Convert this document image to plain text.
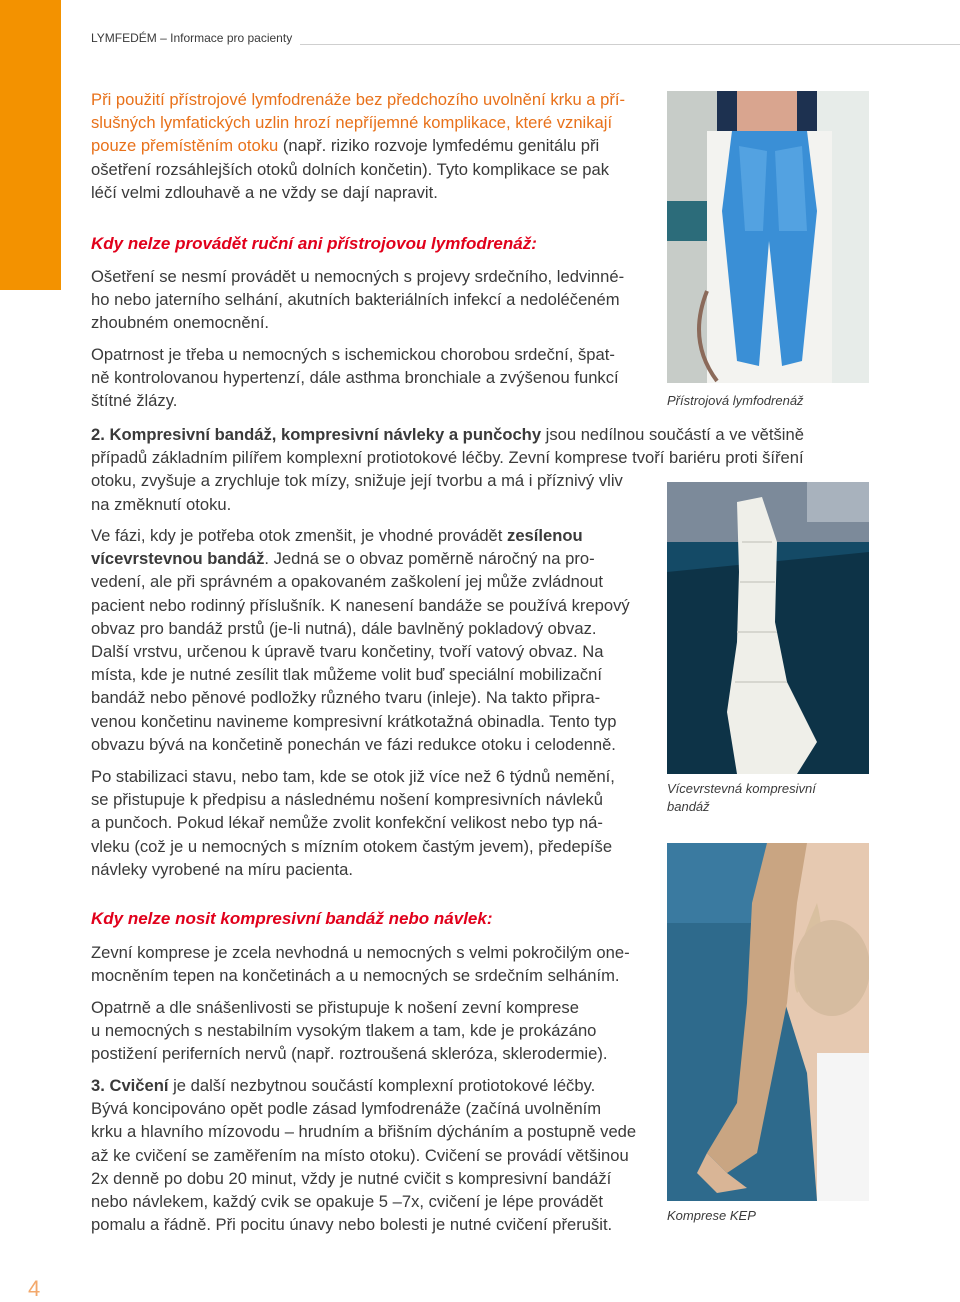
LYMFEDÉM – Informace pro pacienty

Při použití přístrojové lymfodrenáže bez předchozího uvolnění krku a pří-
slušných lymfatických uzlin hrozí nepříjemné komplikace, které vznikají
pouze přemístěním otoku (např. riziko rozvoje lymfedému genitálu při
ošetření rozsáhlejších otoků dolních končetin). Tyto komplikace se pak
léčí velmi zdlouhavě a ne vždy se dají napravit.

Přístrojová lymfodrenáž

Kdy nelze provádět ruční ani přístrojovou lymfodrenáž:

Ošetření se nesmí provádět u nemocných s projevy srdečního, ledvinné-
ho nebo jaterního selhání, akutních bakteriálních infekcí a nedoléčeném
zhoubném onemocnění.

Opatrnost je třeba u nemocných s ischemickou chorobou srdeční, špat-
ně kontrolovanou hypertenzí, dále asthma bronchiale a zvýšenou funkcí
štítné žlázy.

2. Kompresivní bandáž, kompresivní návleky a punčochy jsou nedílnou součástí a ve většině
případů základním pilířem komplexní protiotokové léčby. Zevní komprese tvoří bariéru proti šíření
otoku, zvyšuje a zrychluje tok mízy, snižuje její tvorbu a má i příznivý vliv
na změknutí otoku.

Vícevrstevná kompresivní
bandáž

Ve fázi, kdy je potřeba otok zmenšit, je vhodné provádět zesílenou
vícevrstevnou bandáž. Jedná se o obvaz poměrně náročný na pro-
vedení, ale při správném a opakovaném zaškolení jej může zvládnout
pacient nebo rodinný příslušník. K nanesení bandáže se používá krepový
obvaz pro bandáž prstů (je-li nutná), dále bavlněný pokladový obvaz.
Další vrstvu, určenou k úpravě tvaru končetiny, tvoří vatový obvaz. Na
místa, kde je nutné zesílit tlak můžeme volit buď speciální mobilizační
bandáž nebo pěnové podložky různého tvaru (inleje). Na takto připra-
venou končetinu navineme kompresivní krátkotažná obinadla. Tento typ
obvazu bývá na končetině ponechán ve fázi redukce otoku i celodenně.

Po stabilizaci stavu, nebo tam, kde se otok již více než 6 týdnů nemění,
se přistupuje k předpisu a následnému nošení kompresivních návleků
a punčoch. Pokud lékař nemůže zvolit konfekční velikost nebo typ ná-
vleku (což je u nemocných s mízním otokem častým jevem), předepíše
návleky vyrobené na míru pacienta.

Komprese KEP

Kdy nelze nosit kompresivní bandáž nebo návlek:

Zevní komprese je zcela nevhodná u nemocných s velmi pokročilým one-
mocněním tepen na končetinách a u nemocných se srdečním selháním.

Opatrně a dle snášenlivosti se přistupuje k nošení zevní komprese
u nemocných s nestabilním vysokým tlakem a tam, kde je prokázáno
postižení periferních nervů (např. roztroušená skleróza, sklerodermie).

3. Cvičení je další nezbytnou součástí komplexní protiotokové léčby.
Bývá koncipováno opět podle zásad lymfodrenáže (začíná uvolněním
krku a hlavního mízovodu – hrudním a břišním dýcháním a postupně vede
až ke cvičení se zaměřením na místo otoku). Cvičení se provádí většinou
2x denně po dobu 20 minut, vždy je nutné cvičit s kompresivní bandáží
nebo návlekem, každý cvik se opakuje 5 –7x, cvičení je lépe provádět
pomalu a řádně. Při pocitu únavy nebo bolesti je nutné cvičení přerušit.

4
